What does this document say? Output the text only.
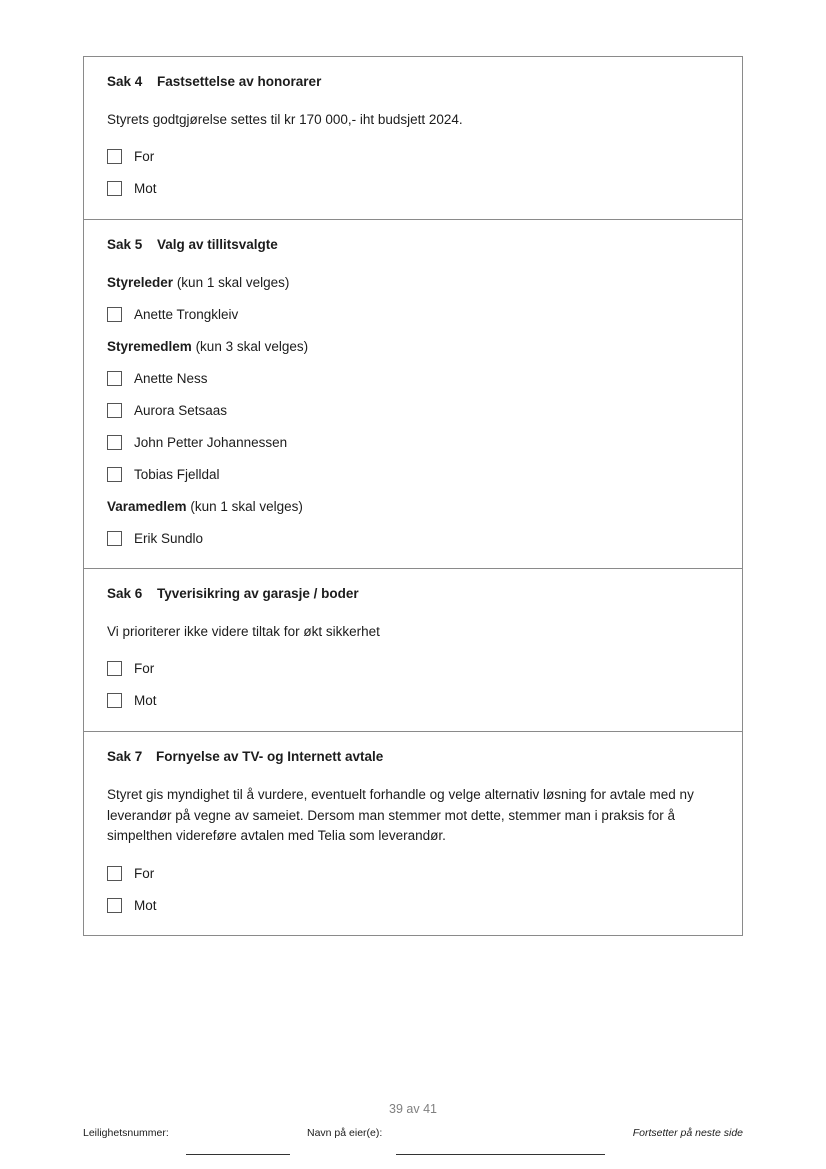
Sak 4 Fastsettelse av honorarer
Styrets godtgjørelse settes til kr 170 000,- iht budsjett 2024.
For
Mot
Sak 5 Valg av tillitsvalgte
Styreleder (kun 1 skal velges)
Anette Trongkleiv
Styremedlem (kun 3 skal velges)
Anette Ness
Aurora Setsaas
John Petter Johannessen
Tobias Fjelldal
Varamedlem (kun 1 skal velges)
Erik Sundlo
Sak 6 Tyverisikring av garasje / boder
Vi prioriterer ikke videre tiltak for økt sikkerhet
For
Mot
Sak 7 Fornyelse av TV- og Internett avtale
Styret gis myndighet til å vurdere, eventuelt forhandle og velge alternativ løsning for avtale med ny leverandør på vegne av sameiet. Dersom man stemmer mot dette, stemmer man i praksis for å simpelthen videreføre avtalen med Telia som leverandør.
For
Mot
39 av 41
Leilighetsnummer:	Navn på eier(e):	Fortsetter på neste side
